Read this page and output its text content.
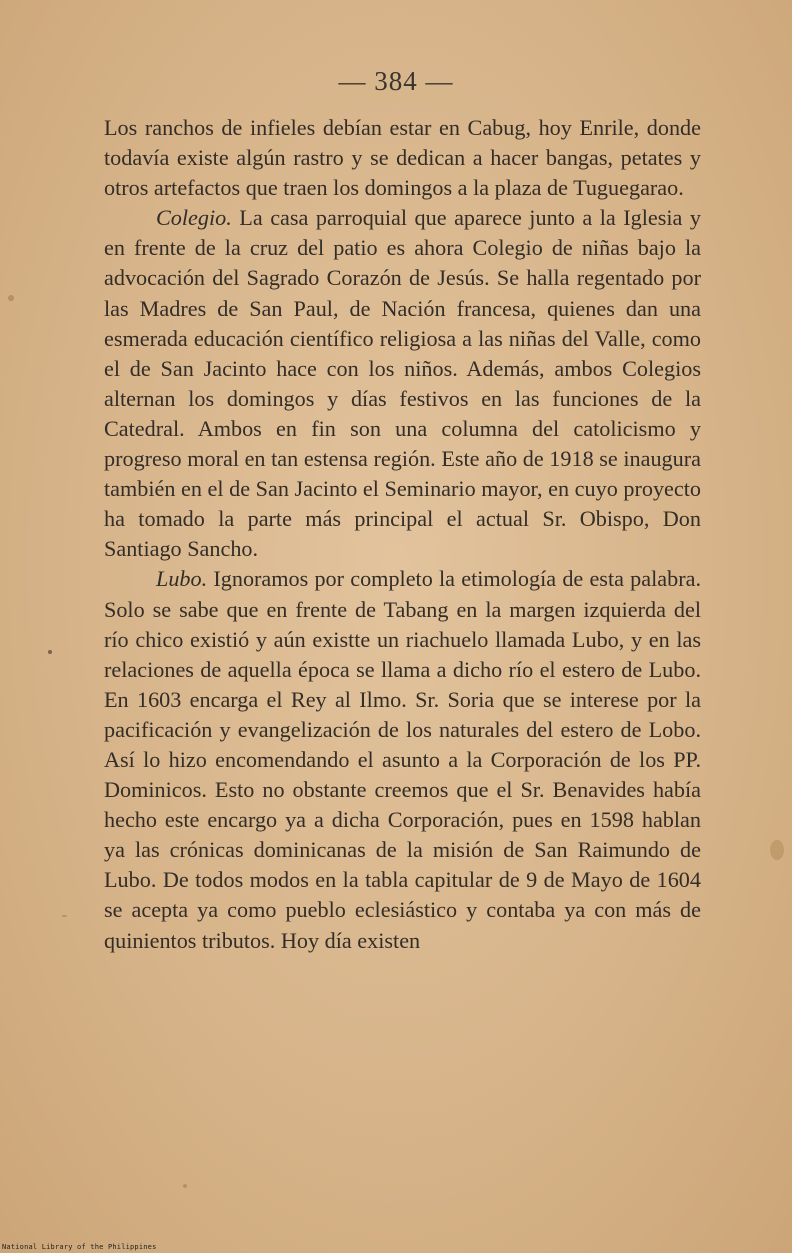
— 384 —

Los ranchos de infieles debían estar en Cabug, hoy Enrile, donde todavía existe algún rastro y se dedican a hacer bangas, petates y otros artefactos que traen los domingos a la plaza de Tuguegarao.

Colegio. La casa parroquial que aparece junto a la Iglesia y en frente de la cruz del patio es ahora Colegio de niñas bajo la advocación del Sagrado Corazón de Jesús. Se halla regentado por las Madres de San Paul, de Nación francesa, quienes dan una esmerada educación científico religiosa a las niñas del Valle, como el de San Jacinto hace con los niños. Además, ambos Colegios alternan los domingos y días festivos en las funciones de la Catedral. Ambos en fin son una columna del catolicismo y progreso moral en tan estensa región. Este año de 1918 se inaugura también en el de San Jacinto el Seminario mayor, en cuyo proyecto ha tomado la parte más principal el actual Sr. Obispo, Don Santiago Sancho.

Lubo. Ignoramos por completo la etimología de esta palabra. Solo se sabe que en frente de Tabang en la margen izquierda del río chico existió y aún existte un riachuelo llamada Lubo, y en las relaciones de aquella época se llama a dicho río el estero de Lubo. En 1603 encarga el Rey al Ilmo. Sr. Soria que se interese por la pacificación y evangelización de los naturales del estero de Lobo. Así lo hizo encomendando el asunto a la Corporación de los PP. Dominicos. Esto no obstante creemos que el Sr. Benavides había hecho este encargo ya a dicha Corporación, pues en 1598 hablan ya las crónicas dominicanas de la misión de San Raimundo de Lubo. De todos modos en la tabla capitular de 9 de Mayo de 1604 se acepta ya como pueblo eclesiástico y contaba ya con más de quinientos tributos. Hoy día existen

National Library of the Philippines
